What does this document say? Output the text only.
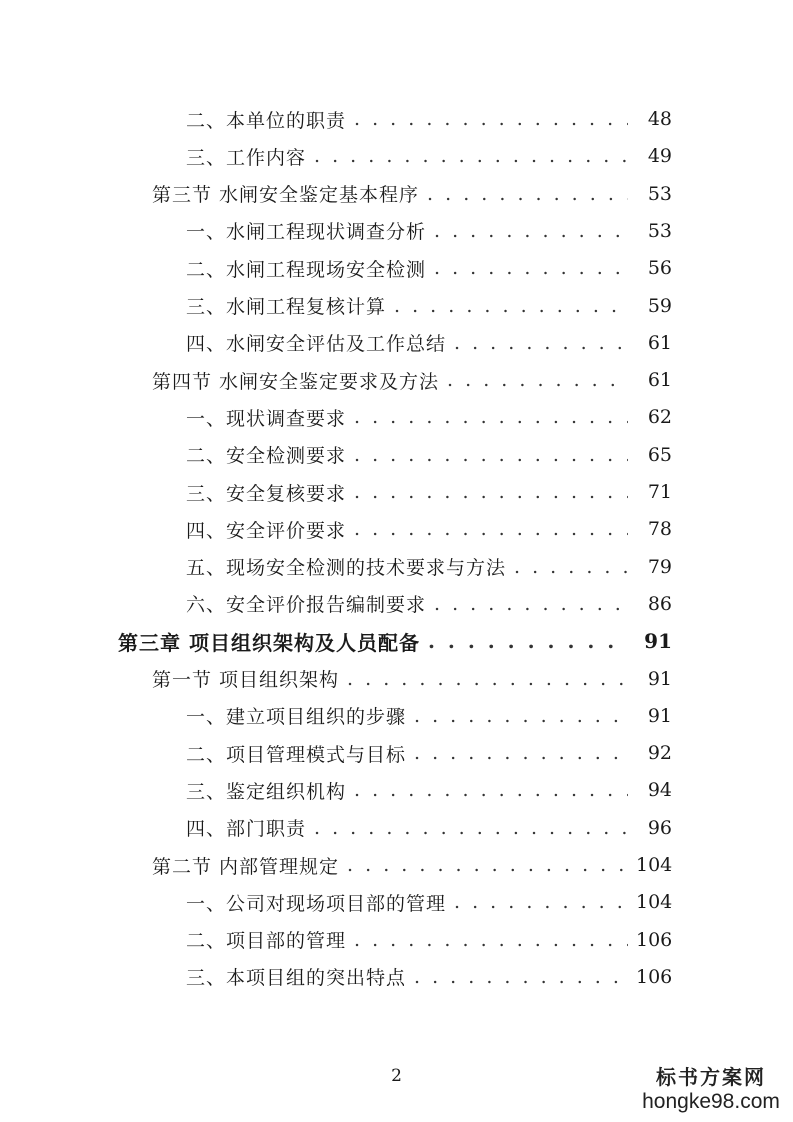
二、本单位的职责 . . .	48
三、工作内容 . . .	49
第三节 水闸安全鉴定基本程序 . . .	53
一、水闸工程现状调查分析 . . .	53
二、水闸工程现场安全检测 . . .	56
三、水闸工程复核计算 . . .	59
四、水闸安全评估及工作总结 . . .	61
第四节 水闸安全鉴定要求及方法 . . .	61
一、现状调查要求 . . .	62
二、安全检测要求 . . .	65
三、安全复核要求 . . .	71
四、安全评价要求 . . .	78
五、现场安全检测的技术要求与方法 . . .	79
六、安全评价报告编制要求 . . .	86
第三章 项目组织架构及人员配备 . . .	91
第一节 项目组织架构 . . .	91
一、建立项目组织的步骤 . . .	91
二、项目管理模式与目标 . . .	92
三、鉴定组织机构 . . .	94
四、部门职责 . . .	96
第二节 内部管理规定 . . .	104
一、公司对现场项目部的管理 . . .	104
二、项目部的管理 . . .	106
三、本项目组的突出特点 . . .	106
2	标书方案网
hongke98.com
